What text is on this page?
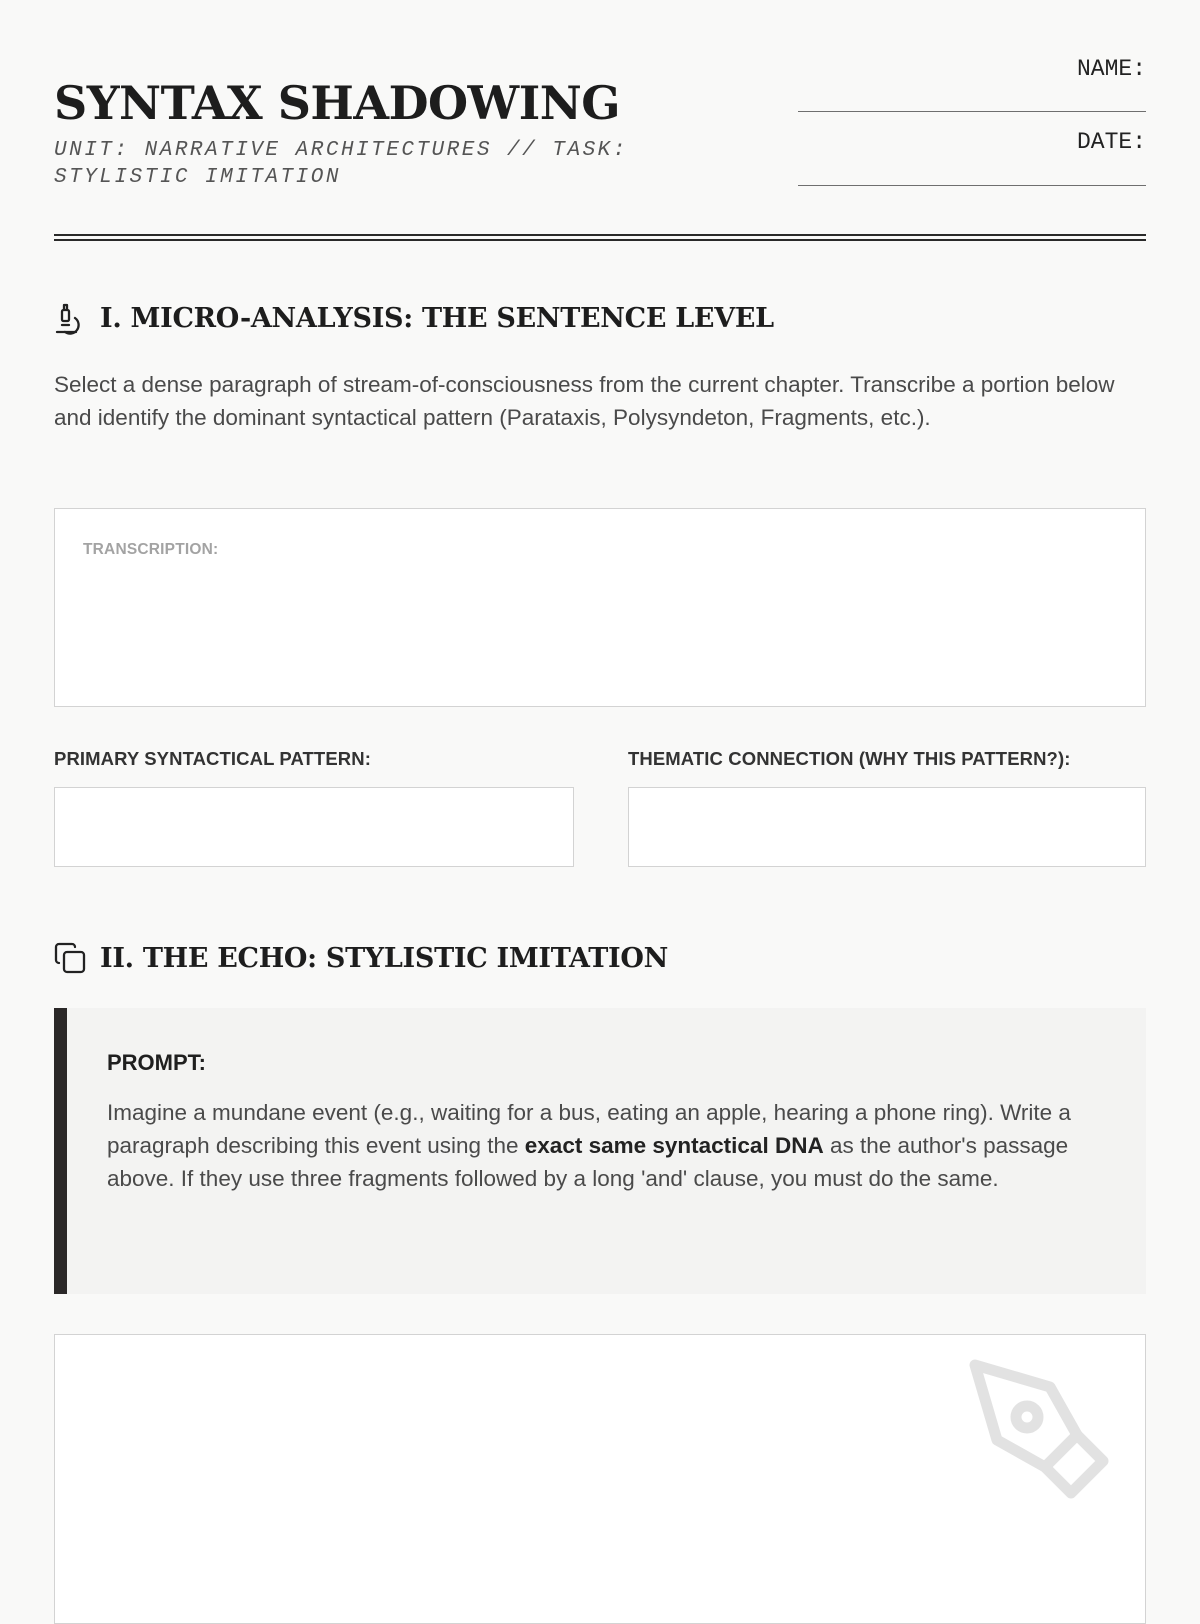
SYNTAX SHADOWING
UNIT: NARRATIVE ARCHITECTURES // TASK: STYLISTIC IMITATION
NAME:
DATE:
I. MICRO-ANALYSIS: THE SENTENCE LEVEL

Select a dense paragraph of stream-of-consciousness from the current chapter. Transcribe a portion below and identify the dominant syntactical pattern (Parataxis, Polysyndeton, Fragments, etc.).

TRANSCRIPTION:
PRIMARY SYNTACTICAL PATTERN:	THEMATIC CONNECTION (WHY THIS PATTERN?):
II. THE ECHO: STYLISTIC IMITATION
PROMPT:

Imagine a mundane event (e.g., waiting for a bus, eating an apple, hearing a phone ring). Write a paragraph describing this event using the exact same syntactical DNA as the author's passage above. If they use three fragments followed by a long 'and' clause, you must do the same.
